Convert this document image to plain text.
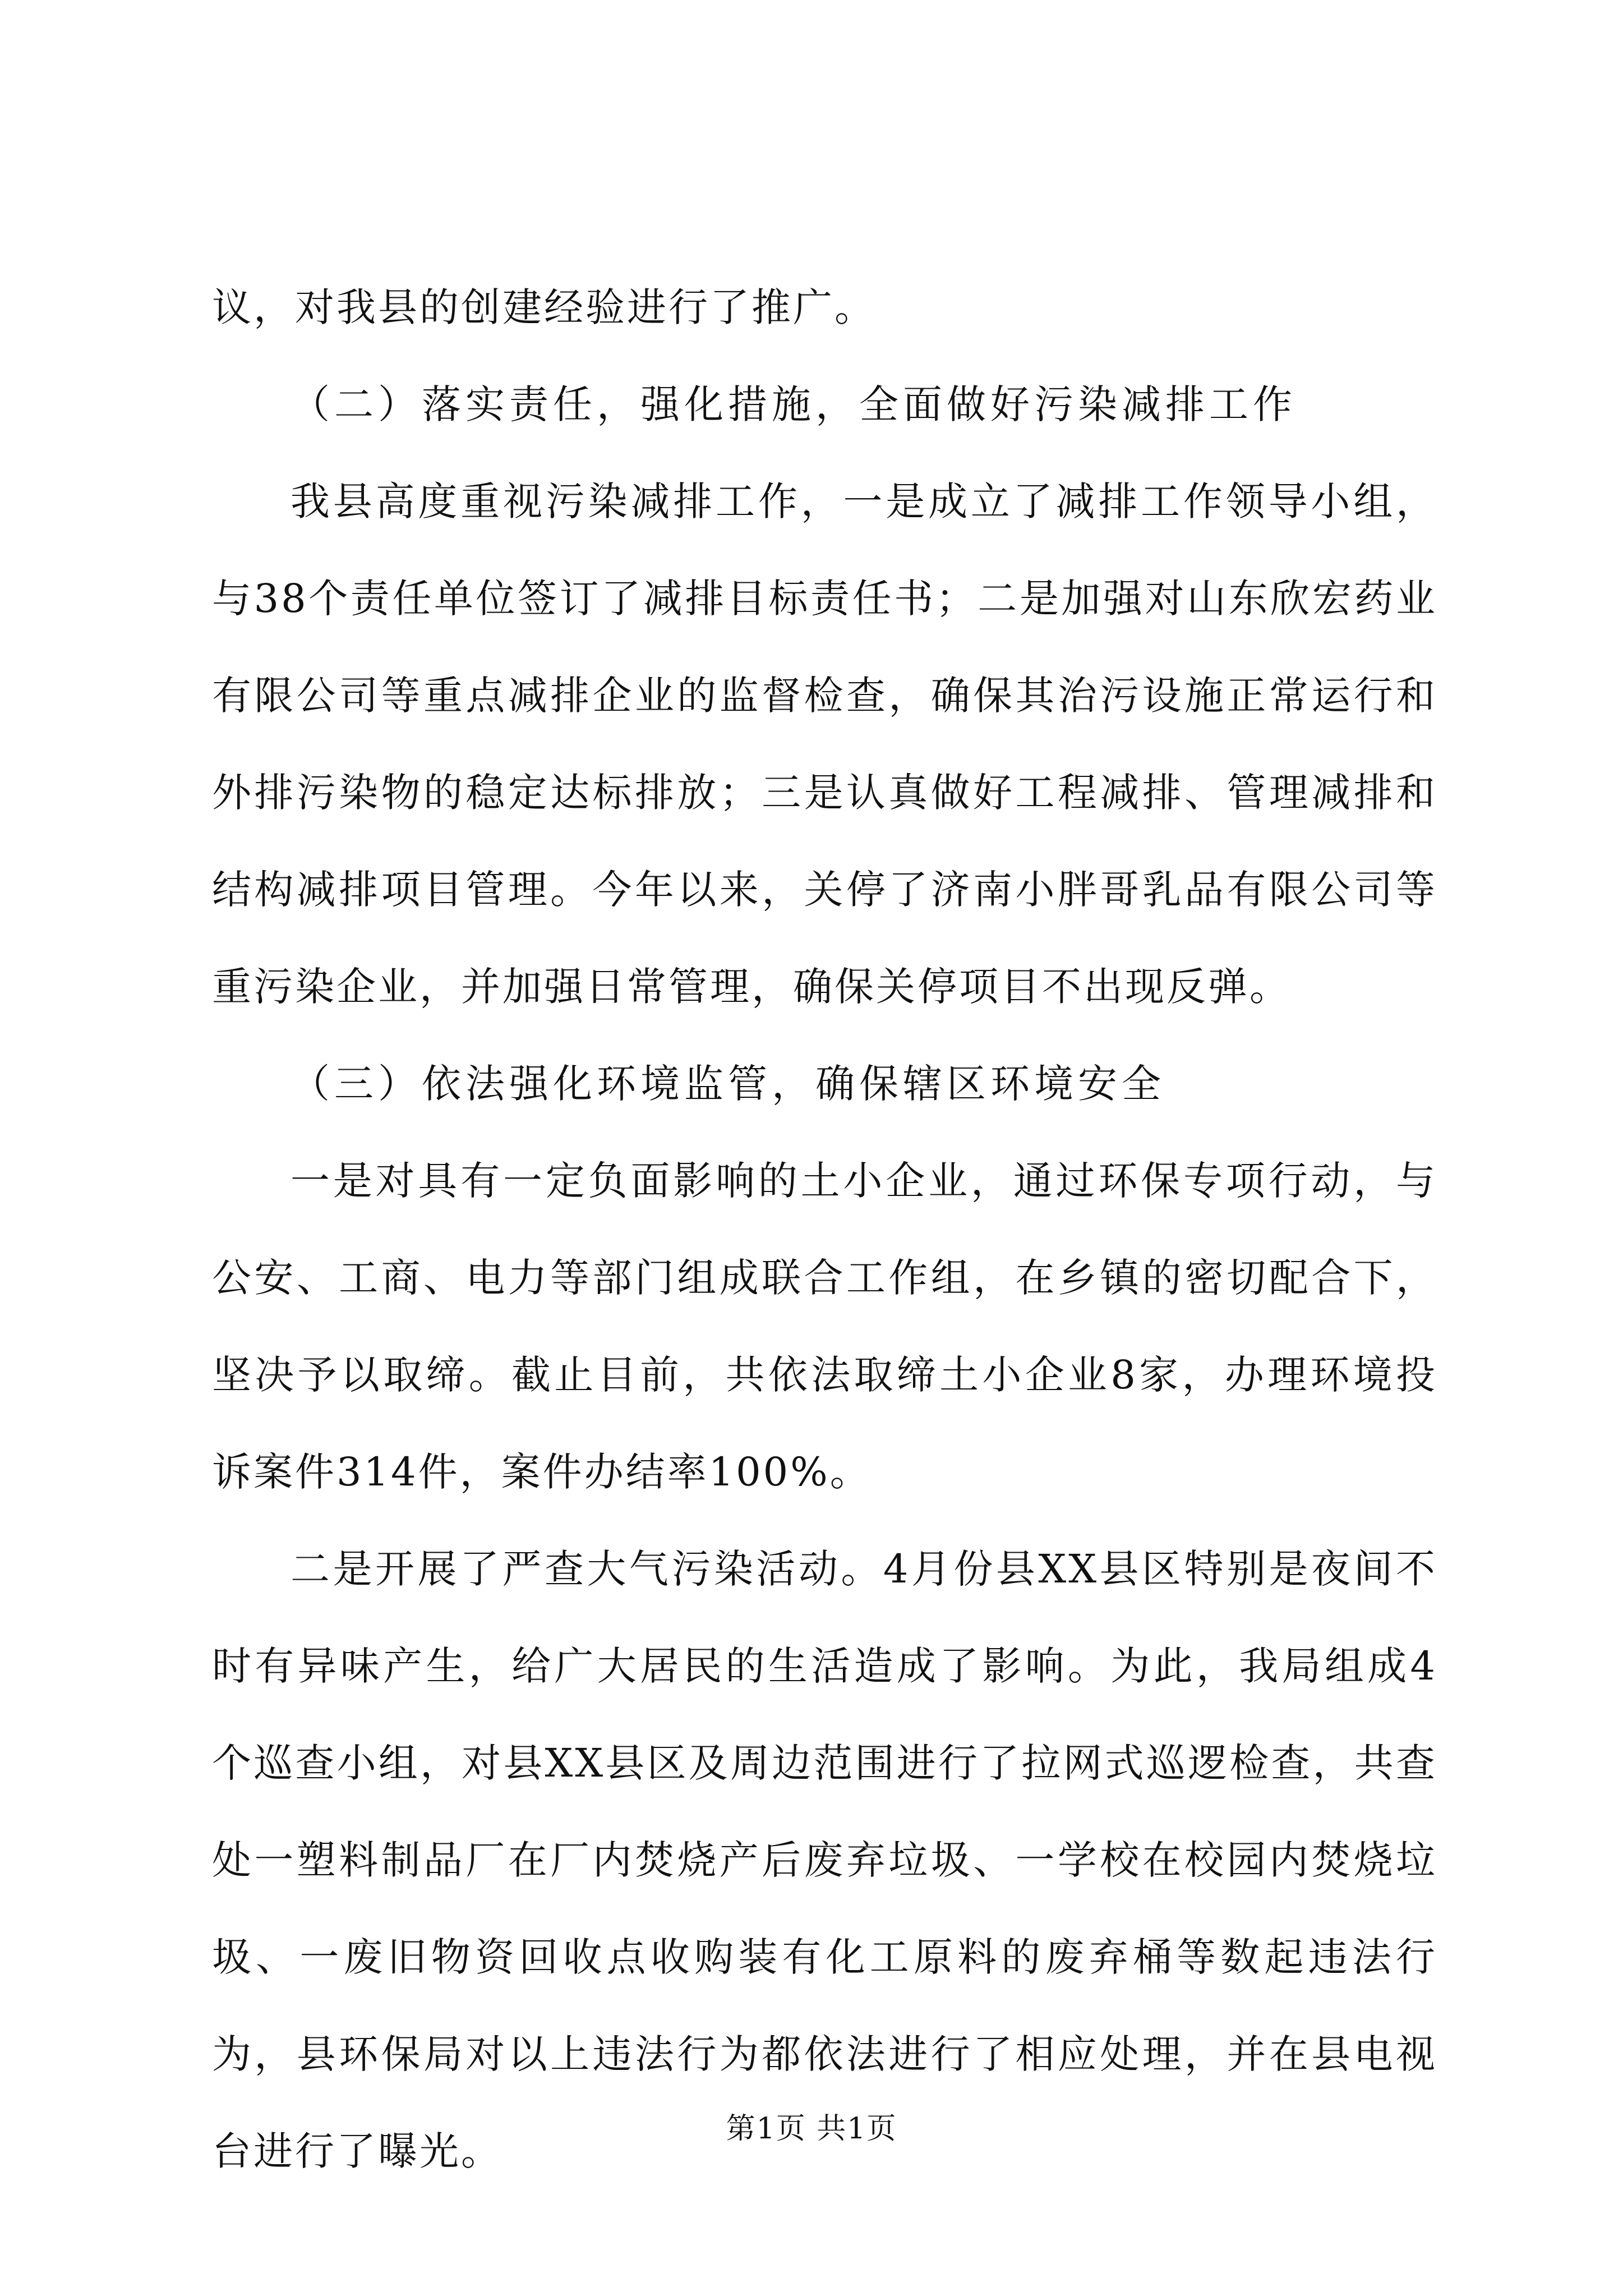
议，对我县的创建经验进行了推广。

（二）落实责任，强化措施，全面做好污染减排工作

我县高度重视污染减排工作，一是成立了减排工作领导小组，与38个责任单位签订了减排目标责任书；二是加强对山东欣宏药业有限公司等重点减排企业的监督检查，确保其治污设施正常运行和外排污染物的稳定达标排放；三是认真做好工程减排、管理减排和结构减排项目管理。今年以来，关停了济南小胖哥乳品有限公司等重污染企业，并加强日常管理，确保关停项目不出现反弹。

（三）依法强化环境监管，确保辖区环境安全

一是对具有一定负面影响的土小企业，通过环保专项行动，与公安、工商、电力等部门组成联合工作组，在乡镇的密切配合下，坚决予以取缔。截止目前，共依法取缔土小企业8家，办理环境投诉案件314件，案件办结率100%。

二是开展了严查大气污染活动。4月份县XX县区特别是夜间不时有异味产生，给广大居民的生活造成了影响。为此，我局组成4个巡查小组，对县XX县区及周边范围进行了拉网式巡逻检查，共查处一塑料制品厂在厂内焚烧产后废弃垃圾、一学校在校园内焚烧垃圾、一废旧物资回收点收购装有化工原料的废弃桶等数起违法行为，县环保局对以上违法行为都依法进行了相应处理，并在县电视台进行了曝光。	第1页 共1页
